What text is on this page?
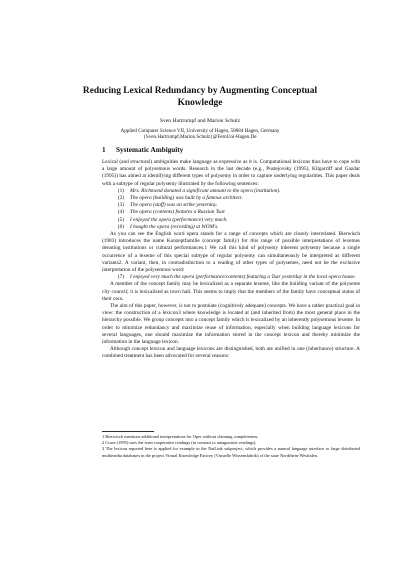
Reducing Lexical Redundancy by Augmenting Conceptual Knowledge
Sven Hartrumpf and Marion Schulz
Applied Computer Science VII, University of Hagen, 58084 Hagen, Germany
{Sven.Hartrumpf,Marion.Schulz}@FernUni-Hagen.De
1 Systematic Ambiguity

Lexical (and structural) ambiguities make language as expressive as it is. Computational lexicons thus have to cope with a large amount of polysemous words. Research in the last decade (e.g., Pustejovsky (1995), Kilgarriff and Gazdar (1995)) has aimed at identifying different types of polysemy in order to capture underlying regularities. This paper deals with a subtype of regular polysemy illustrated by the following sentences:

(1)	Mrs. Richmond donated a significant amount to the opera (institution).
(2)	The opera (building) was built by a famous architect.
(3)	The opera (staff) was on strike yesterday.
(4)	The opera (contents) features a Russian Tsar.
(5)	I enjoyed the opera (performance) very much.
(6)	I bought the opera (recording) at WOM's.

As you can see the English word opera stands for a range of concepts which are closely interrelated. Bierwisch (1983) introduces the name Konzeptfamilie (concept family) for this range of possible interpretations of lexemes denoting institutions or cultural performances.1 We call this kind of polysemy inherent polysemy because a single occurrence of a lexeme of this special subtype of regular polysemy can simultaneously be interpreted as different variants2. A variant, then, in contradistinction to a reading of other types of polysemes, need not be the exclusive interpretation of the polysemous word:

(7)	I enjoyed very much the opera (performance/contents) featuring a Tsar yesterday in the local opera house.

A member of the concept family may be lexicalized as a separate lexeme, like the building variant of the polyseme city council; it is lexicalized as town hall. This seems to imply that the members of the family have conceptual status of their own.

The aim of this paper, however, is not to postulate (cognitively adequate) concepts. We have a rather practical goal in view: the construction of a lexicon3 where knowledge is located at (and inherited from) the most general place in the hierarchy possible. We group concepts into a concept family which is lexicalized by an inherently polysemous lexeme. In order to minimize redundancy and maximize reuse of information, especially when building language lexicons for several languages, one should maximize the information stored in the concept lexicon and thereby minimize the information in the language lexicon.

Although concept lexicon and language lexicons are distinguished, both are unified in one (inheritance) structure. A combined treatment has been advocated for several reasons:

1 Bierwisch mentions additional interpretations for Oper without claiming completeness.

2 Cruse (1995) uses the term cooperative readings (in contrast to antagonistic readings).

3 The lexicon reported here is applied for example in the NatLink subproject, which provides a natural language interface to large distributed multimedia databases in the project Virtual Knowledge Factory (Virtuelle Wissensfabrik) of the state Nordrhein-Westfalen.
